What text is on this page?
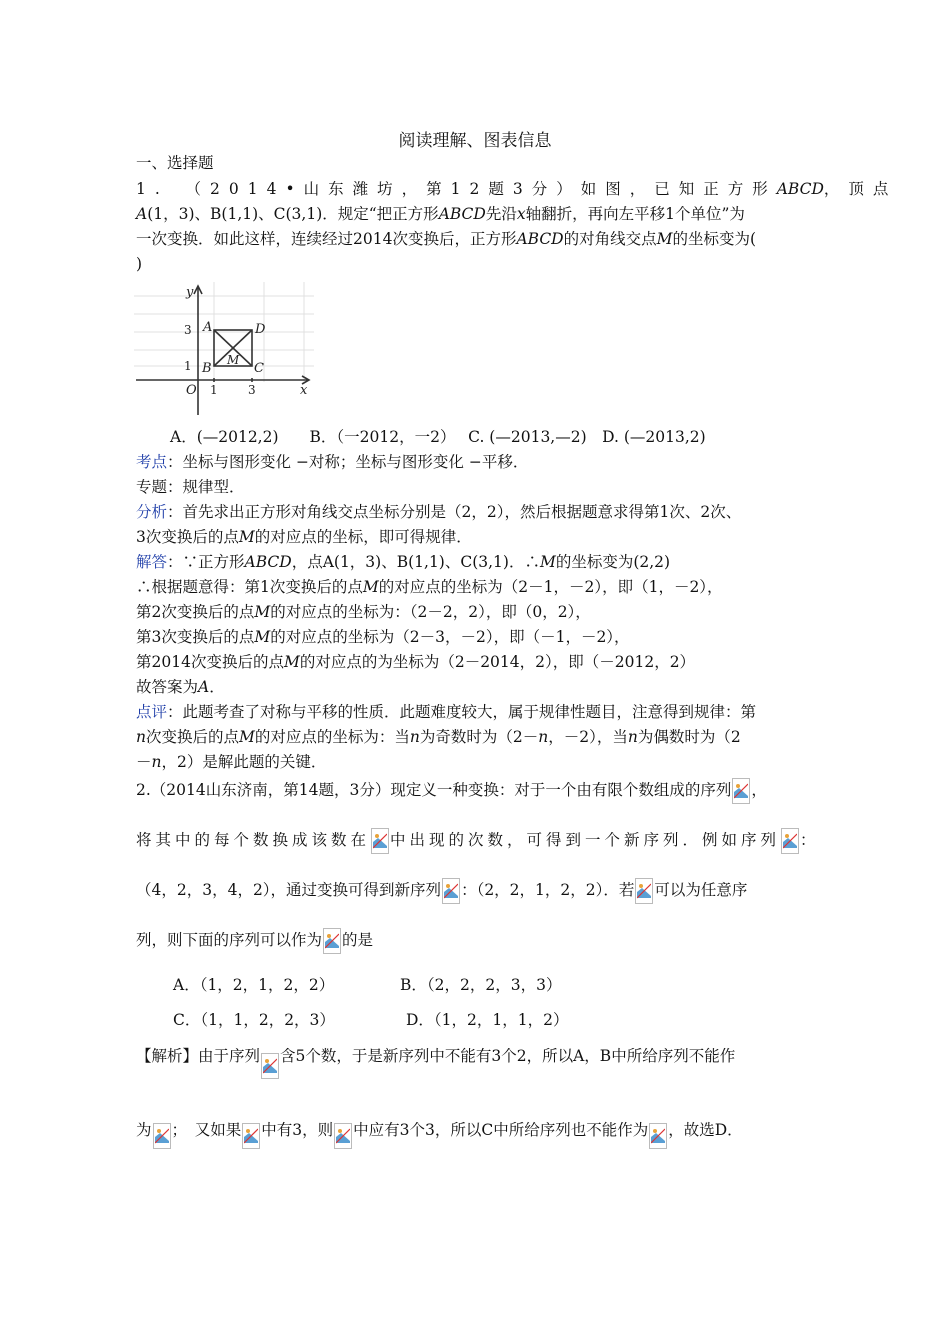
阅读理解、图表信息
一、选择题
1.　（2014•山东潍坊，第12题3分）如图，已知正方形ABCD，顶点
A(1，3)、B(1,1)、C(3,1)．规定“把正方形ABCD先沿x轴翻折，再向左平移1个单位”为
一次变换．如此这样，连续经过2014次变换后，正方形ABCD的对角线交点M的坐标变为(
)
y
x
O
A
B	C
D
M
1	3
1
3
A．(—2012,2)　　B．（一2012，一2）　 C. (—2013,—2)　D. (—2013,2)
考点：坐标与图形变化 −对称；坐标与图形变化 −平移．
专题：规律型．
分析：首先求出正方形对角线交点坐标分别是（2，2），然后根据题意求得第1次、2次、
3次变换后的点M的对应点的坐标，即可得规律．
解答：∵正方形ABCD，点A(1，3)、B(1,1)、C(3,1)．∴M的坐标变为(2,2)
∴根据题意得：第1次变换后的点M的对应点的坐标为（2－1，－2），即（1，－2），
第2次变换后的点M的对应点的坐标为：（2－2，2），即（0，2），
第3次变换后的点M的对应点的坐标为（2－3，－2），即（－1，－2），
第2014次变换后的点M的对应点的为坐标为（2－2014，2），即（－2012，2）
故答案为A．
点评：此题考查了对称与平移的性质．此题难度较大，属于规律性题目，注意得到规律：第
n次变换后的点M的对应点的坐标为：当n为奇数时为（2－n，－2），当n为偶数时为（2
－n，2）是解此题的关键．
2.（2014山东济南，第14题，3分）现定义一种变换：对于一个由有限个数组成的序列 ，
将其中的每个数换成该数在 中出现的次数，可得到一个新序列．例如序列 ：
（4，2，3，4，2），通过变换可得到新序列 ：（2，2，1，2，2）．若 可以为任意序
列，则下面的序列可以作为 的是
A．（1，2，1，2，2）	B．（2，2，2，3，3）
C．（1，1，2，2，3）	D．（1，2，1，1，2）
【解析】由于序列 含5个数，于是新序列中不能有3个2，所以A，B中所给序列不能作
为 ；　又如果 中有3，则 中应有3个3，所以C中所给序列也不能作为 ，故选D．
